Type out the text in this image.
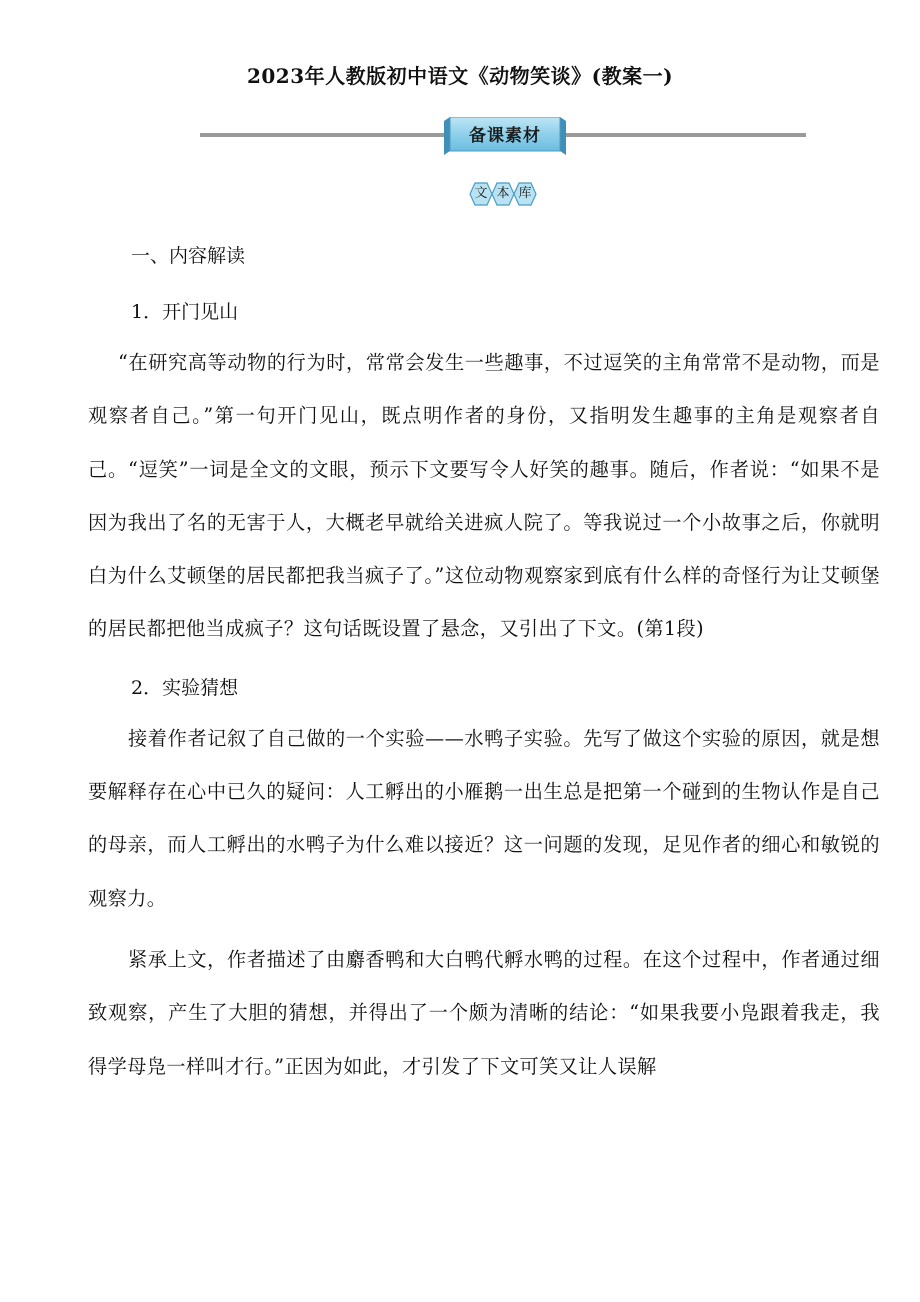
2023年人教版初中语文《动物笑谈》(教案一)
备课素材
文 本 库

一、内容解读

1．开门见山

“在研究高等动物的行为时，常常会发生一些趣事，不过逗笑的主角常常不是动物，而是观察者自己。”第一句开门见山，既点明作者的身份，又指明发生趣事的主角是观察者自己。“逗笑”一词是全文的文眼，预示下文要写令人好笑的趣事。随后，作者说：“如果不是因为我出了名的无害于人，大概老早就给关进疯人院了。等我说过一个小故事之后，你就明白为什么艾顿堡的居民都把我当疯子了。”这位动物观察家到底有什么样的奇怪行为让艾顿堡的居民都把他当成疯子？这句话既设置了悬念，又引出了下文。(第1段)

2．实验猜想

接着作者记叙了自己做的一个实验——水鸭子实验。先写了做这个实验的原因，就是想要解释存在心中已久的疑问：人工孵出的小雁鹅一出生总是把第一个碰到的生物认作是自己的母亲，而人工孵出的水鸭子为什么难以接近？这一问题的发现，足见作者的细心和敏锐的观察力。

紧承上文，作者描述了由麝香鸭和大白鸭代孵水鸭的过程。在这个过程中，作者通过细致观察，产生了大胆的猜想，并得出了一个颇为清晰的结论：“如果我要小凫跟着我走，我得学母凫一样叫才行。”正因为如此，才引发了下文可笑又让人误解
